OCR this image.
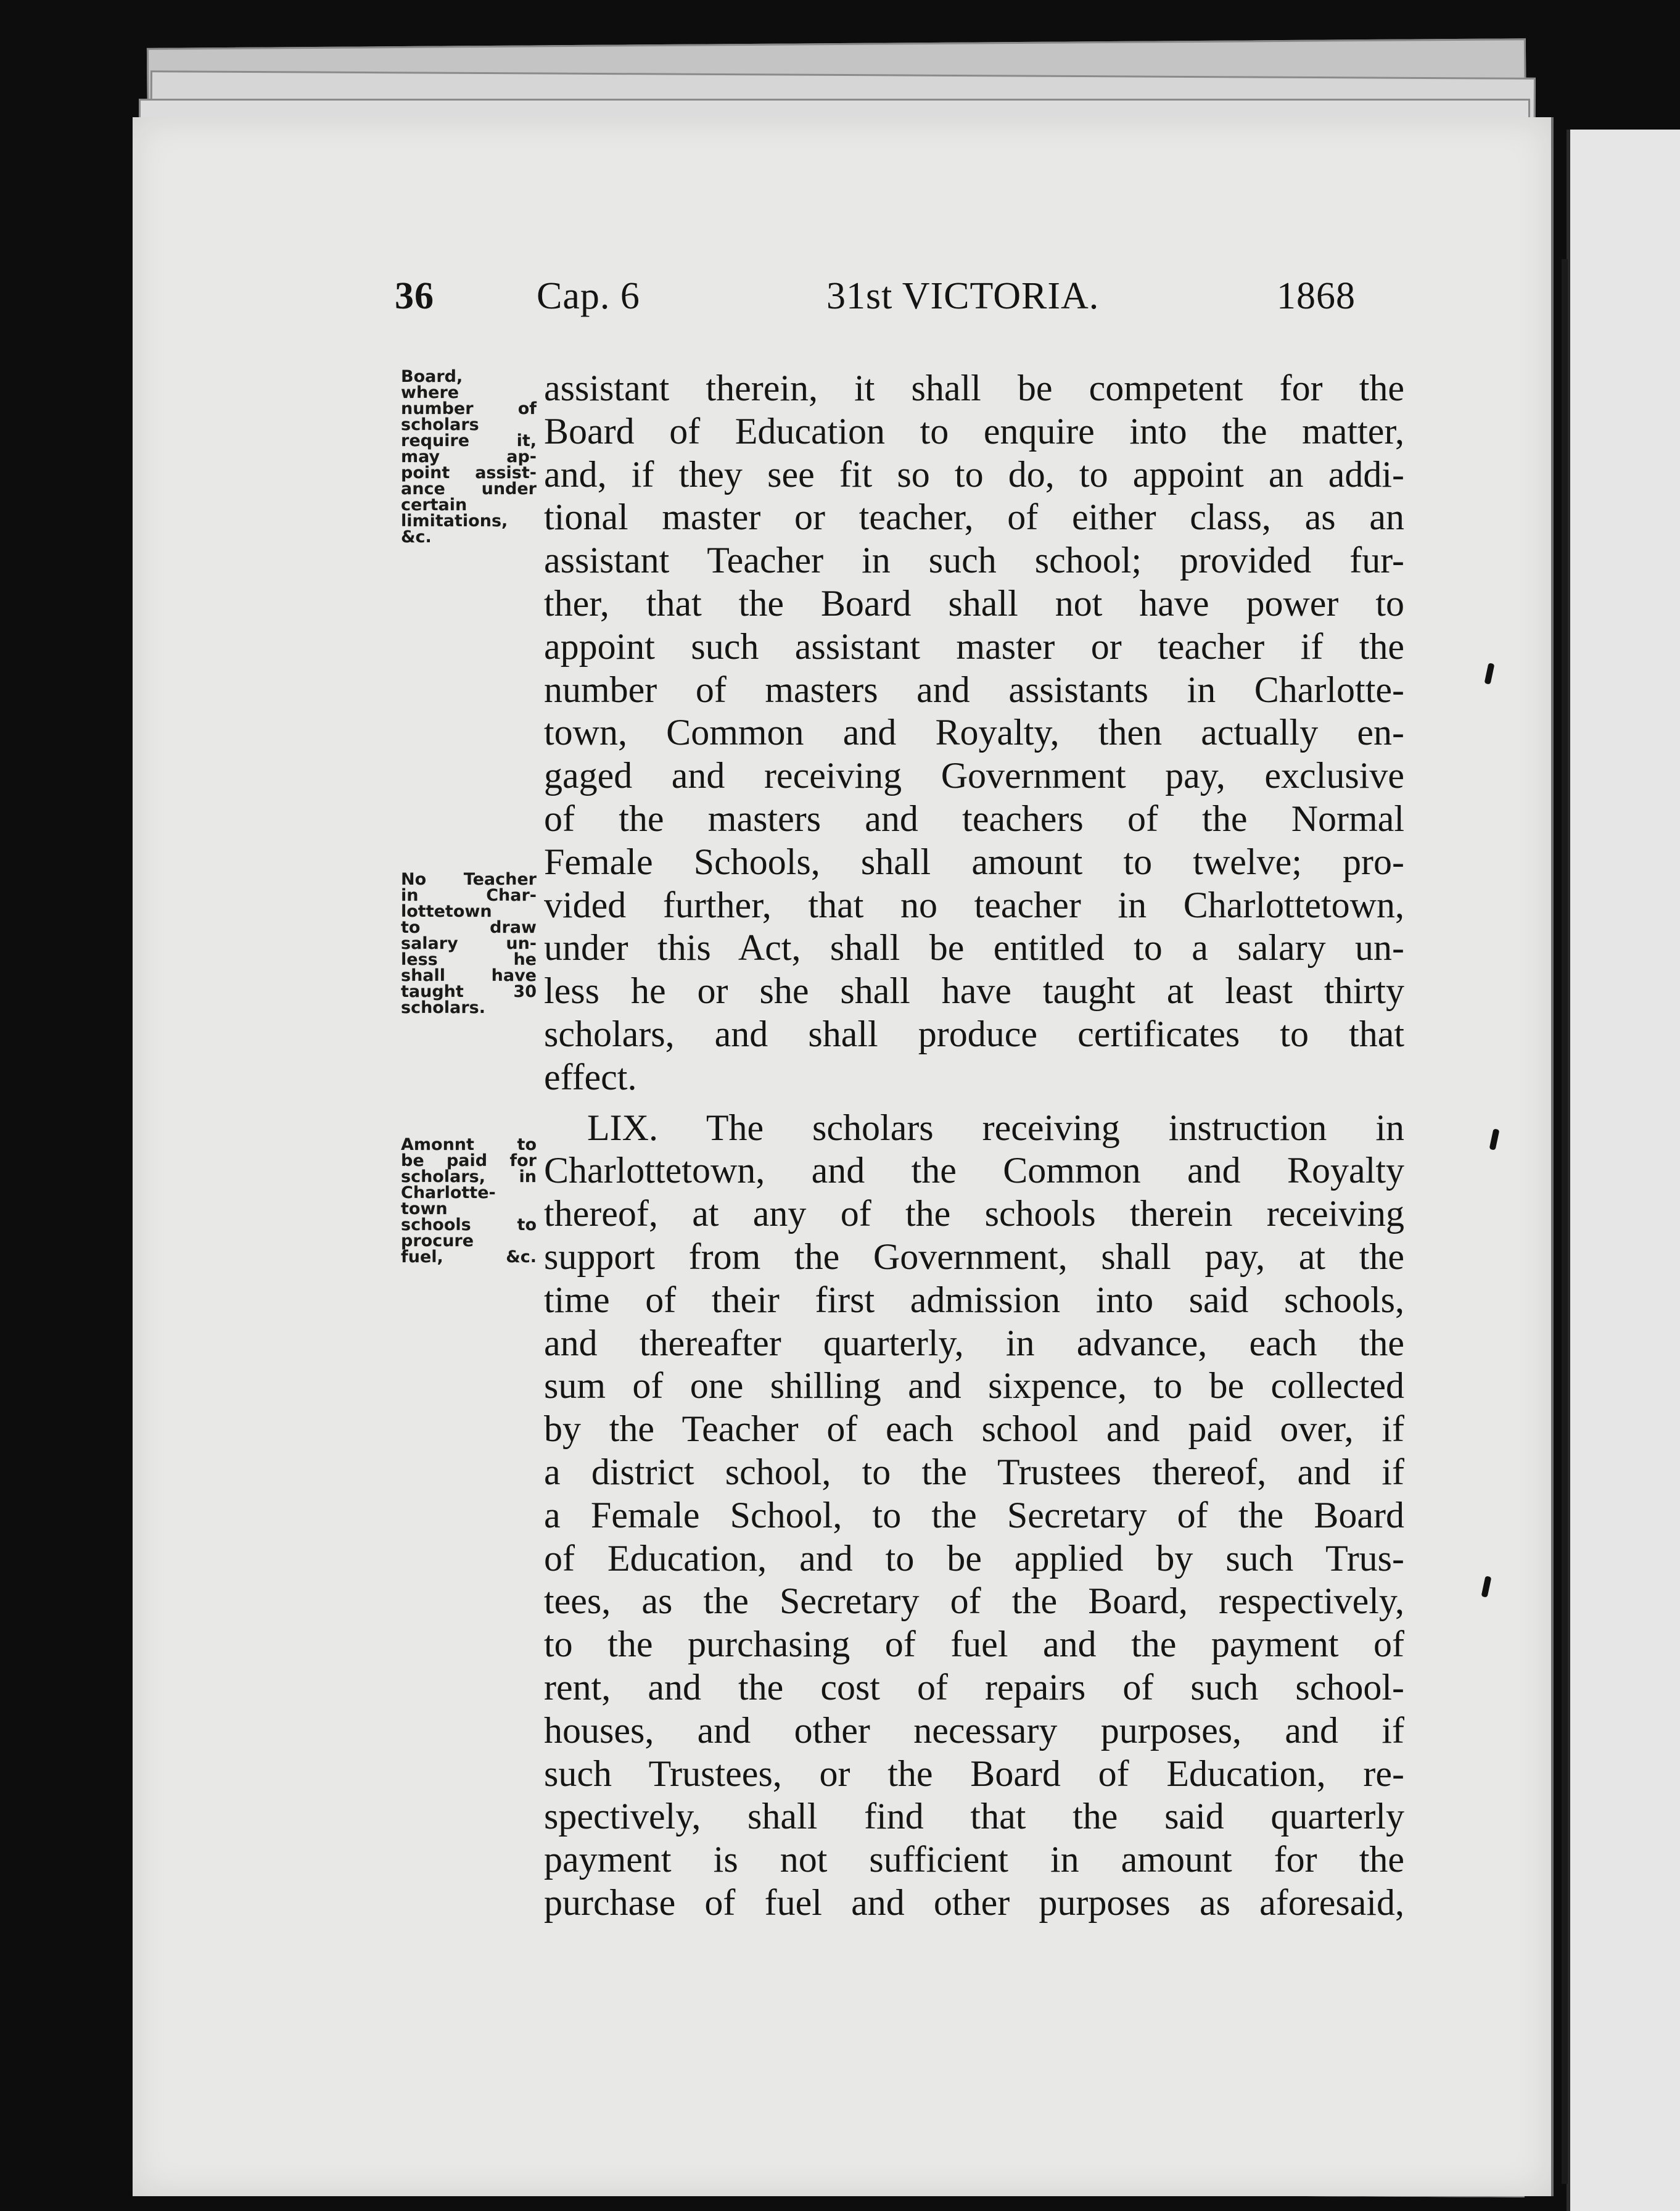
36	Cap. 6	31st VICTORIA.	1868
Board,
where
number of
scholars
require it,
may ap-
point assist-
ance under
certain
limitations,
&c.
No Teacher
in Char-
lottetown
to draw
salary un-
less he
shall have
taught 30
scholars.
Amonnt to
be paid for
scholars, in
Charlotte-
town
schools to
procure
fuel, &c.
assistant therein, it shall be competent for the
Board of Education to enquire into the matter,
and, if they see fit so to do, to appoint an addi-
tional master or teacher, of either class, as an
assistant Teacher in such school; provided fur-
ther, that the Board shall not have power to
appoint such assistant master or teacher if the
number of masters and assistants in Charlotte-
town, Common and Royalty, then actually en-
gaged and receiving Government pay, exclusive
of the masters and teachers of the Normal
Female Schools, shall amount to twelve; pro-
vided further, that no teacher in Charlottetown,
under this Act, shall be entitled to a salary un-
less he or she shall have taught at least thirty
scholars, and shall produce certificates to that
effect.
LIX. The scholars receiving instruction in
Charlottetown, and the Common and Royalty
thereof, at any of the schools therein receiving
support from the Government, shall pay, at the
time of their first admission into said schools,
and thereafter quarterly, in advance, each the
sum of one shilling and sixpence, to be collected
by the Teacher of each school and paid over, if
a district school, to the Trustees thereof, and if
a Female School, to the Secretary of the Board
of Education, and to be applied by such Trus-
tees, as the Secretary of the Board, respectively,
to the purchasing of fuel and the payment of
rent, and the cost of repairs of such school-
houses, and other necessary purposes, and if
such Trustees, or the Board of Education, re-
spectively, shall find that the said quarterly
payment is not sufficient in amount for the
purchase of fuel and other purposes as aforesaid,
